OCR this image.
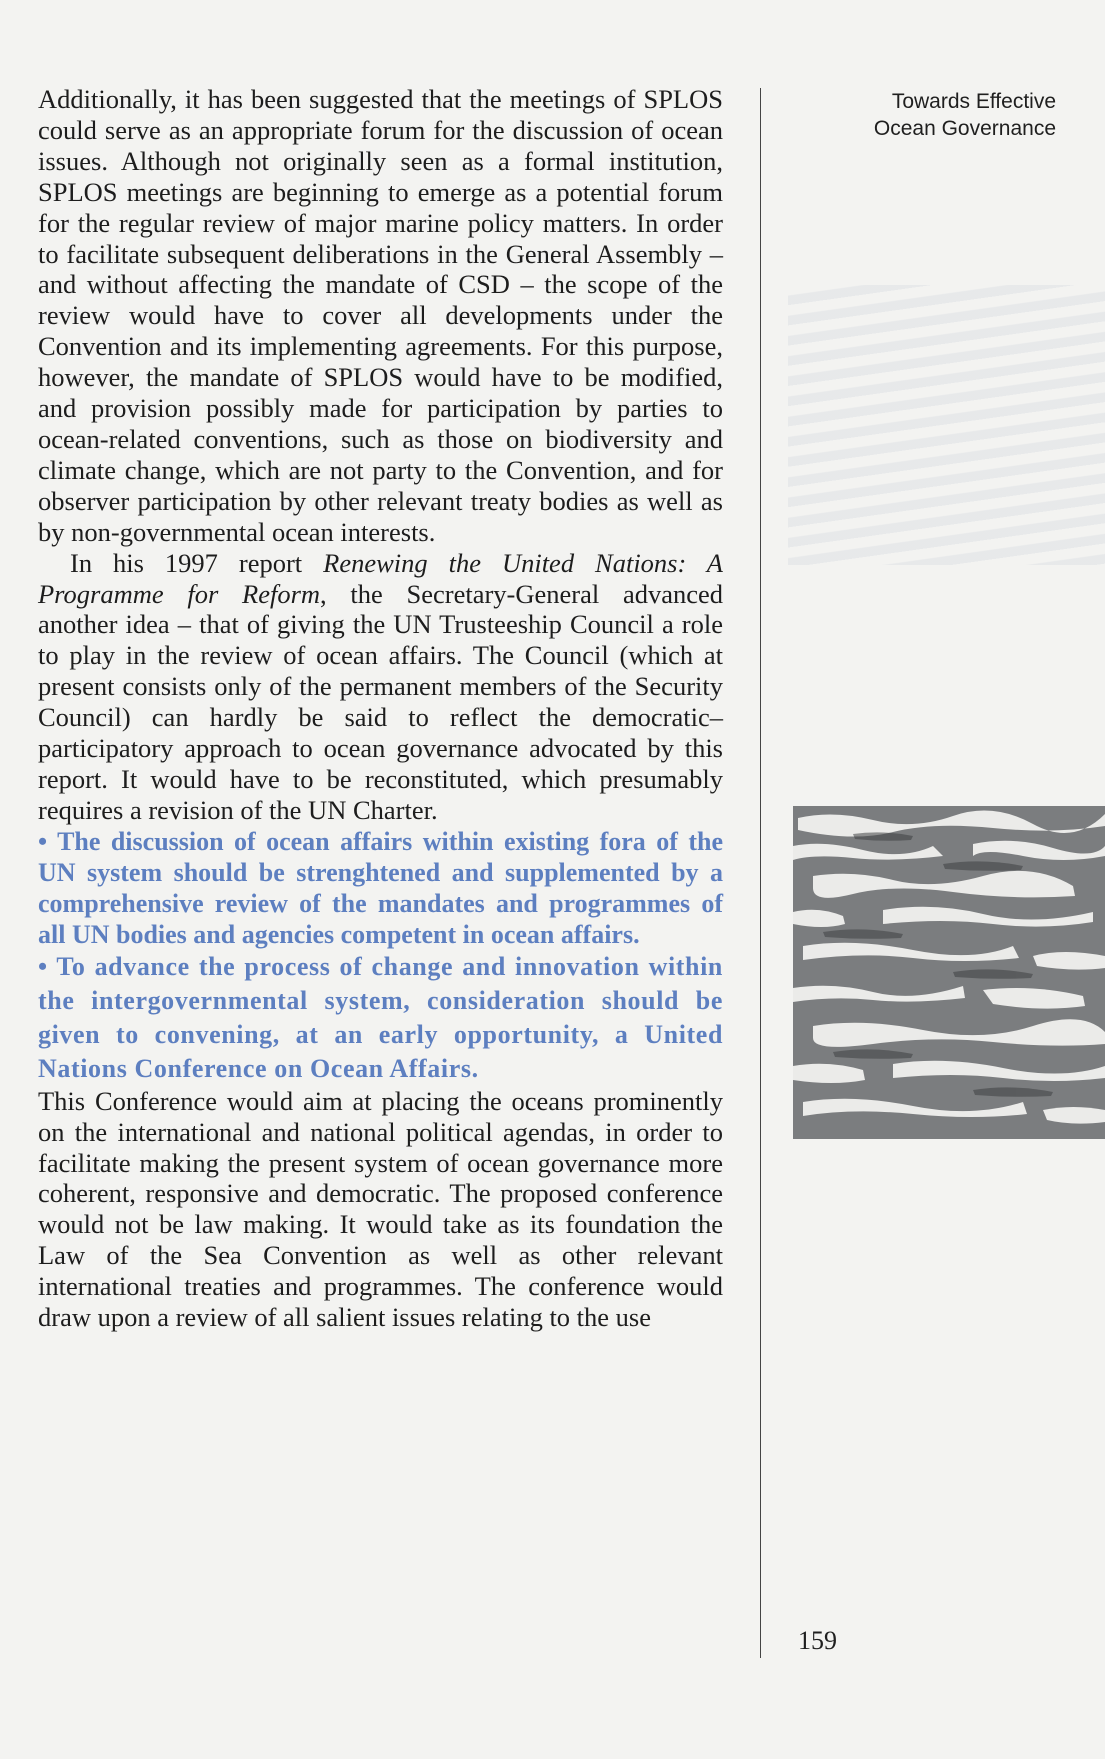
Additionally, it has been suggested that the meetings of SPLOS could serve as an appropriate forum for the discussion of ocean issues. Although not originally seen as a formal institution, SPLOS meetings are beginning to emerge as a potential forum for the regular review of major marine policy matters. In order to facilitate subsequent deliberations in the General Assembly – and without affecting the mandate of CSD – the scope of the review would have to cover all developments under the Convention and its implementing agreements. For this purpose, however, the mandate of SPLOS would have to be modified, and provision possibly made for participation by parties to ocean-related conventions, such as those on biodiversity and climate change, which are not party to the Convention, and for observer participation by other relevant treaty bodies as well as by non-governmental ocean interests.

In his 1997 report Renewing the United Nations: A Programme for Reform, the Secretary-General advanced another idea – that of giving the UN Trusteeship Council a role to play in the review of ocean affairs. The Council (which at present consists only of the permanent members of the Security Council) can hardly be said to reflect the democratic–participatory approach to ocean governance advocated by this report. It would have to be reconstituted, which presumably requires a revision of the UN Charter.

• The discussion of ocean affairs within existing fora of the UN system should be strenghtened and supplemented by a comprehensive review of the mandates and programmes of all UN bodies and agencies competent in ocean affairs.

• To advance the process of change and innovation within the intergovernmental system, consideration should be given to convening, at an early opportunity, a United Nations Conference on Ocean Affairs.

This Conference would aim at placing the oceans prominently on the international and national political agendas, in order to facilitate making the present system of ocean governance more coherent, responsive and democratic. The proposed conference would not be law making. It would take as its foundation the Law of the Sea Convention as well as other relevant international treaties and programmes. The conference would draw upon a review of all salient issues relating to the use

Towards Effective
Ocean Governance
159
